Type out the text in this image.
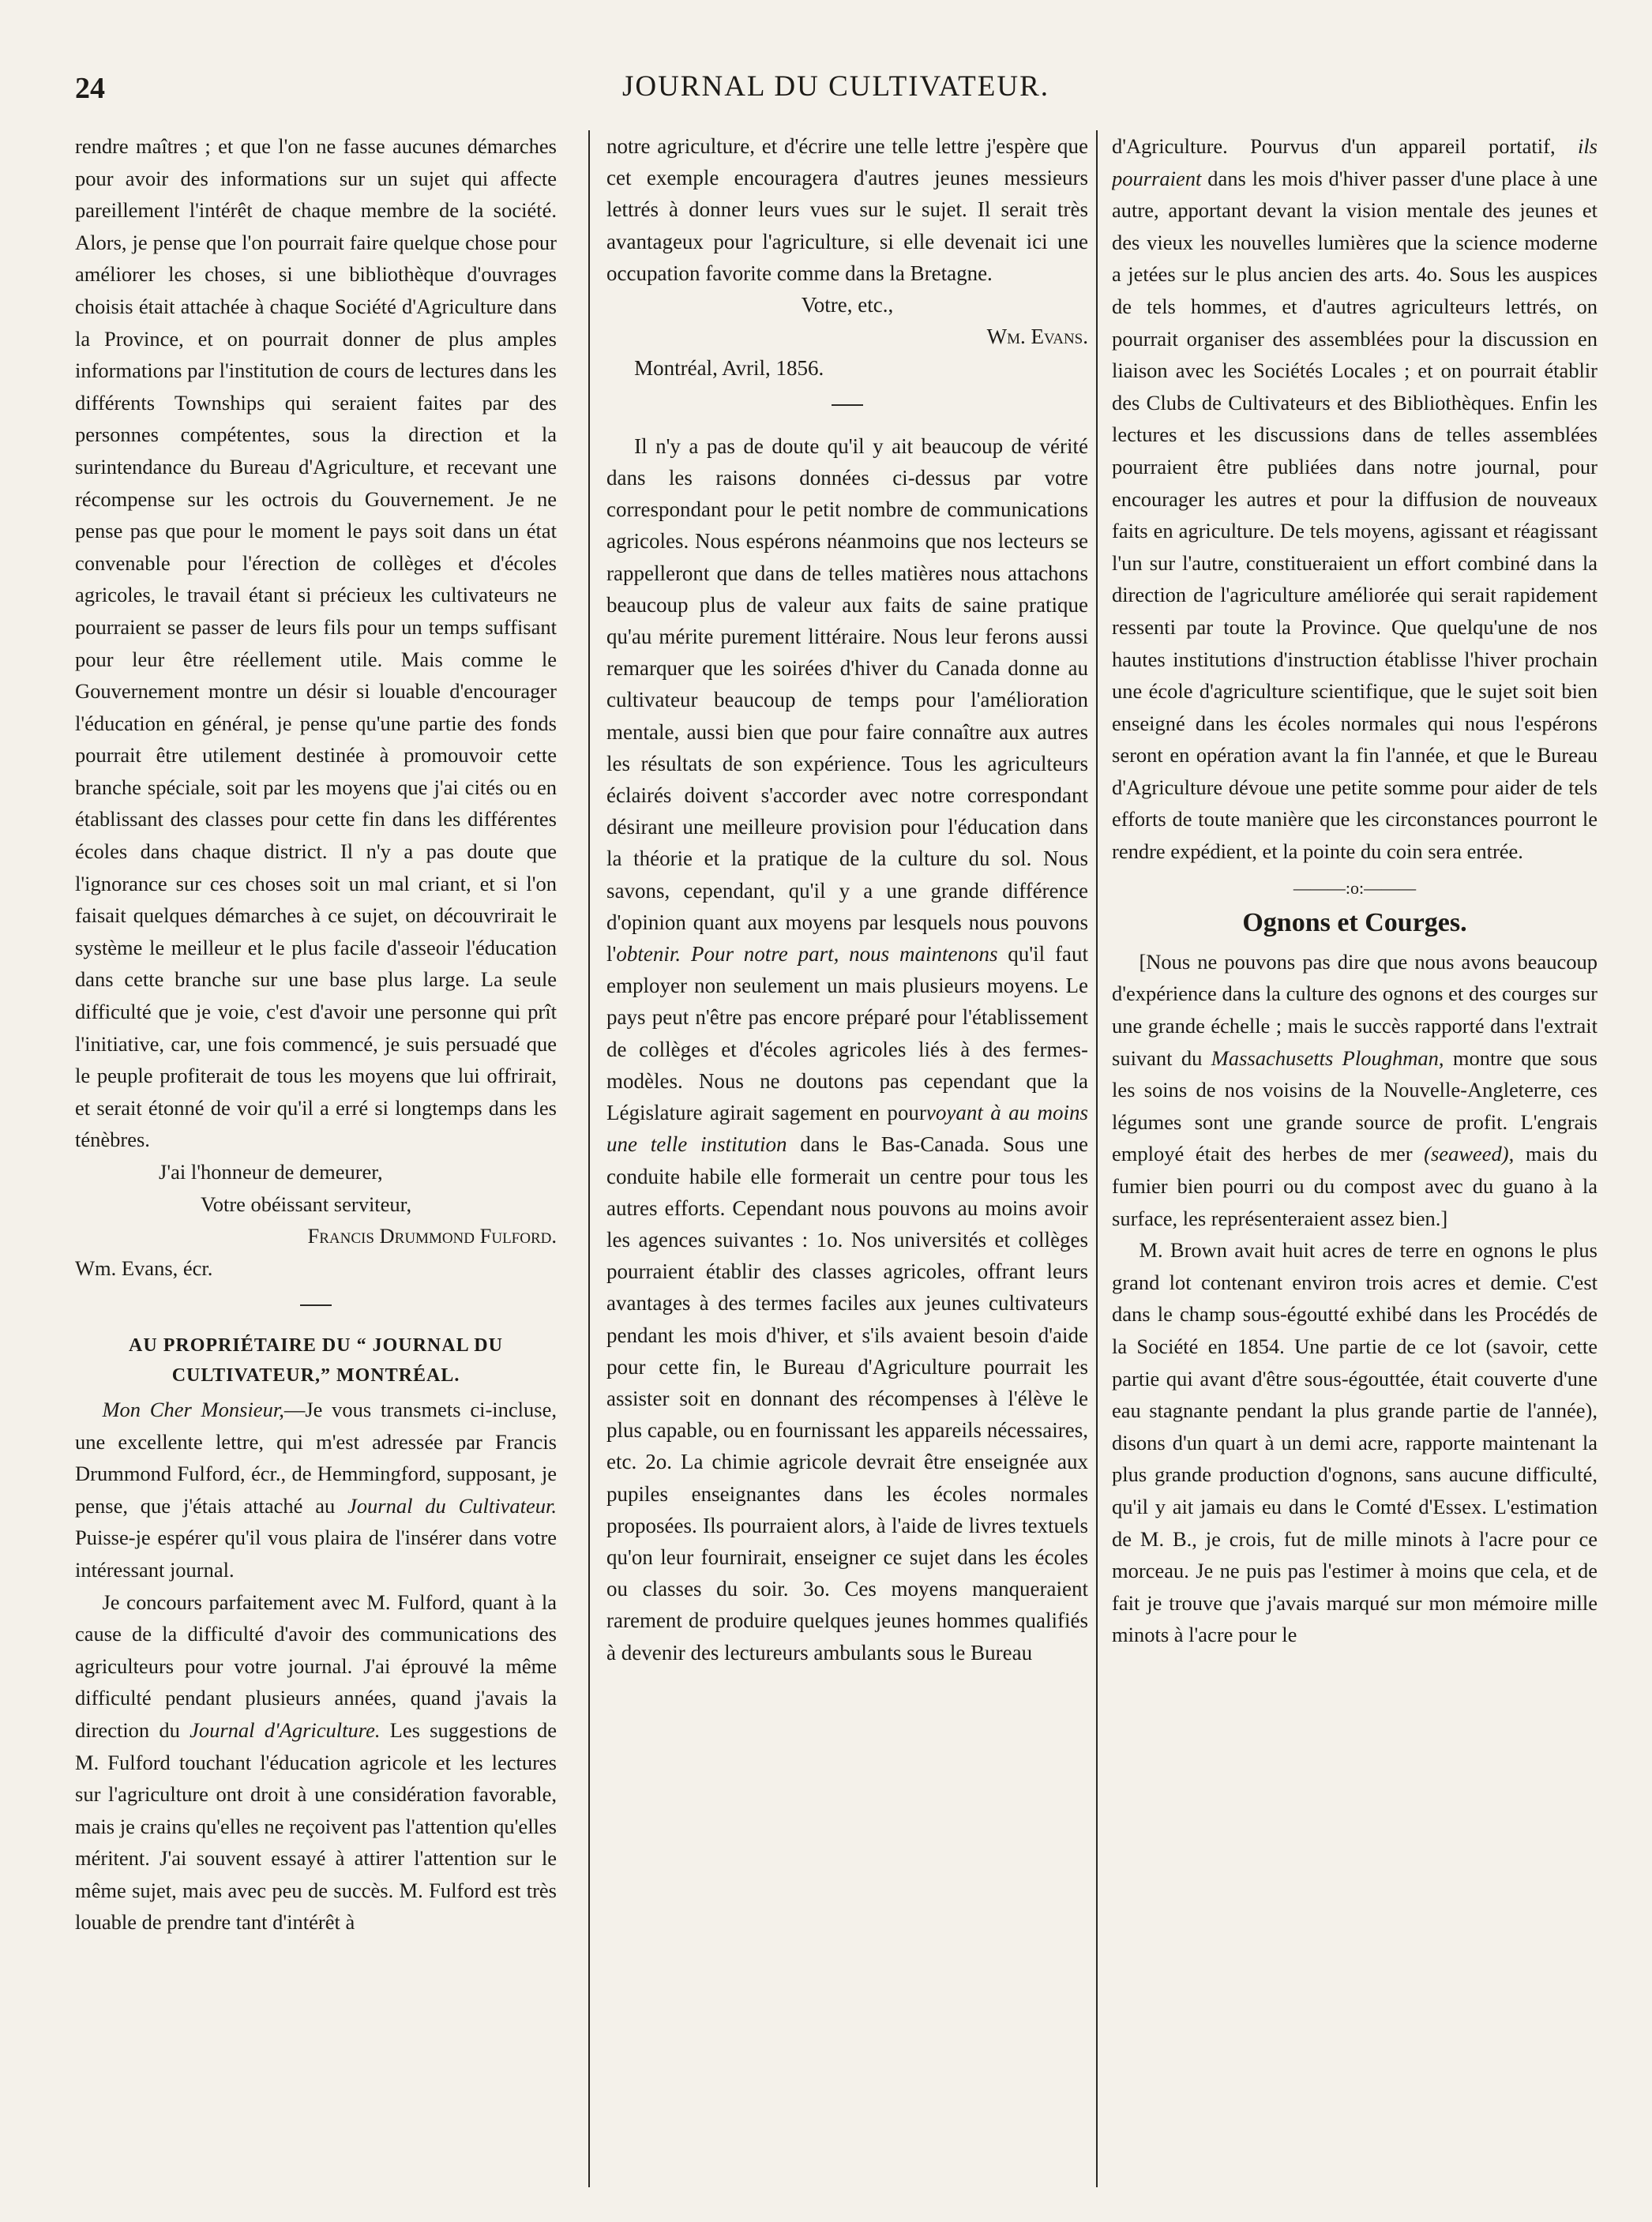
24	JOURNAL DU CULTIVATEUR.

rendre maîtres ; et que l'on ne fasse aucunes démarches pour avoir des informations sur un sujet qui affecte pareillement l'intérêt de chaque membre de la société. Alors, je pense que l'on pourrait faire quelque chose pour améliorer les choses, si une bibliothèque d'ouvrages choisis était attachée à chaque Société d'Agriculture dans la Province, et on pourrait donner de plus amples informations par l'institution de cours de lectures dans les différents Townships qui seraient faites par des personnes compétentes, sous la direction et la surintendance du Bureau d'Agriculture, et recevant une récompense sur les octrois du Gouvernement. Je ne pense pas que pour le moment le pays soit dans un état convenable pour l'érection de collèges et d'écoles agricoles, le travail étant si précieux les cultivateurs ne pourraient se passer de leurs fils pour un temps suffisant pour leur être réellement utile. Mais comme le Gouvernement montre un désir si louable d'encourager l'éducation en général, je pense qu'une partie des fonds pourrait être utilement destinée à promouvoir cette branche spéciale, soit par les moyens que j'ai cités ou en établissant des classes pour cette fin dans les différentes écoles dans chaque district. Il n'y a pas doute que l'ignorance sur ces choses soit un mal criant, et si l'on faisait quelques démarches à ce sujet, on découvrirait le système le meilleur et le plus facile d'asseoir l'éducation dans cette branche sur une base plus large. La seule difficulté que je voie, c'est d'avoir une personne qui prît l'initiative, car, une fois commencé, je suis persuadé que le peuple profiterait de tous les moyens que lui offrirait, et serait étonné de voir qu'il a erré si longtemps dans les ténèbres.

J'ai l'honneur de demeurer,

Votre obéissant serviteur,

Francis Drummond Fulford.

Wm. Evans, écr.

AU PROPRIÉTAIRE DU “ JOURNAL DU CULTIVATEUR,” MONTRÉAL.

Mon Cher Monsieur,—Je vous transmets ci-incluse, une excellente lettre, qui m'est adressée par Francis Drummond Fulford, écr., de Hemmingford, supposant, je pense, que j'étais attaché au Journal du Cultivateur. Puisse-je espérer qu'il vous plaira de l'insérer dans votre intéressant journal.

Je concours parfaitement avec M. Fulford, quant à la cause de la difficulté d'avoir des communications des agriculteurs pour votre journal. J'ai éprouvé la même difficulté pendant plusieurs années, quand j'avais la direction du Journal d'Agriculture. Les suggestions de M. Fulford touchant l'éducation agricole et les lectures sur l'agriculture ont droit à une considération favorable, mais je crains qu'elles ne reçoivent pas l'attention qu'elles méritent. J'ai souvent essayé à attirer l'attention sur le même sujet, mais avec peu de succès. M. Fulford est très louable de prendre tant d'intérêt à

notre agriculture, et d'écrire une telle lettre j'espère que cet exemple encouragera d'autres jeunes messieurs lettrés à donner leurs vues sur le sujet. Il serait très avantageux pour l'agriculture, si elle devenait ici une occupation favorite comme dans la Bretagne.

Votre, etc.,

Wm. Evans.

Montréal, Avril, 1856.

Il n'y a pas de doute qu'il y ait beaucoup de vérité dans les raisons données ci-dessus par votre correspondant pour le petit nombre de communications agricoles. Nous espérons néanmoins que nos lecteurs se rappelleront que dans de telles matières nous attachons beaucoup plus de valeur aux faits de saine pratique qu'au mérite purement littéraire. Nous leur ferons aussi remarquer que les soirées d'hiver du Canada donne au cultivateur beaucoup de temps pour l'amélioration mentale, aussi bien que pour faire connaître aux autres les résultats de son expérience. Tous les agriculteurs éclairés doivent s'accorder avec notre correspondant désirant une meilleure provision pour l'éducation dans la théorie et la pratique de la culture du sol. Nous savons, cependant, qu'il y a une grande différence d'opinion quant aux moyens par lesquels nous pouvons l'obtenir. Pour notre part, nous maintenons qu'il faut employer non seulement un mais plusieurs moyens. Le pays peut n'être pas encore préparé pour l'établissement de collèges et d'écoles agricoles liés à des fermes-modèles. Nous ne doutons pas cependant que la Législature agirait sagement en pourvoyant à au moins une telle institution dans le Bas-Canada. Sous une conduite habile elle formerait un centre pour tous les autres efforts. Cependant nous pouvons au moins avoir les agences suivantes : 1o. Nos universités et collèges pourraient établir des classes agricoles, offrant leurs avantages à des termes faciles aux jeunes cultivateurs pendant les mois d'hiver, et s'ils avaient besoin d'aide pour cette fin, le Bureau d'Agriculture pourrait les assister soit en donnant des récompenses à l'élève le plus capable, ou en fournissant les appareils nécessaires, etc. 2o. La chimie agricole devrait être enseignée aux pupiles enseignantes dans les écoles normales proposées. Ils pourraient alors, à l'aide de livres textuels qu'on leur fournirait, enseigner ce sujet dans les écoles ou classes du soir. 3o. Ces moyens manqueraient rarement de produire quelques jeunes hommes qualifiés à devenir des lectureurs ambulants sous le Bureau

d'Agriculture. Pourvus d'un appareil portatif, ils pourraient dans les mois d'hiver passer d'une place à une autre, apportant devant la vision mentale des jeunes et des vieux les nouvelles lumières que la science moderne a jetées sur le plus ancien des arts. 4o. Sous les auspices de tels hommes, et d'autres agriculteurs lettrés, on pourrait organiser des assemblées pour la discussion en liaison avec les Sociétés Locales ; et on pourrait établir des Clubs de Cultivateurs et des Bibliothèques. Enfin les lectures et les discussions dans de telles assemblées pourraient être publiées dans notre journal, pour encourager les autres et pour la diffusion de nouveaux faits en agriculture. De tels moyens, agissant et réagissant l'un sur l'autre, constitueraient un effort combiné dans la direction de l'agriculture améliorée qui serait rapidement ressenti par toute la Province. Que quelqu'une de nos hautes institutions d'instruction établisse l'hiver prochain une école d'agriculture scientifique, que le sujet soit bien enseigné dans les écoles normales qui nous l'espérons seront en opération avant la fin l'année, et que le Bureau d'Agriculture dévoue une petite somme pour aider de tels efforts de toute manière que les circonstances pourront le rendre expédient, et la pointe du coin sera entrée.

———:o:———

Ognons et Courges.

[Nous ne pouvons pas dire que nous avons beaucoup d'expérience dans la culture des ognons et des courges sur une grande échelle ; mais le succès rapporté dans l'extrait suivant du Massachusetts Ploughman, montre que sous les soins de nos voisins de la Nouvelle-Angleterre, ces légumes sont une grande source de profit. L'engrais employé était des herbes de mer (seaweed), mais du fumier bien pourri ou du compost avec du guano à la surface, les représenteraient assez bien.]

M. Brown avait huit acres de terre en ognons le plus grand lot contenant environ trois acres et demie. C'est dans le champ sous-égoutté exhibé dans les Procédés de la Société en 1854. Une partie de ce lot (savoir, cette partie qui avant d'être sous-égouttée, était couverte d'une eau stagnante pendant la plus grande partie de l'année), disons d'un quart à un demi acre, rapporte maintenant la plus grande production d'ognons, sans aucune difficulté, qu'il y ait jamais eu dans le Comté d'Essex. L'estimation de M. B., je crois, fut de mille minots à l'acre pour ce morceau. Je ne puis pas l'estimer à moins que cela, et de fait je trouve que j'avais marqué sur mon mémoire mille minots à l'acre pour le
